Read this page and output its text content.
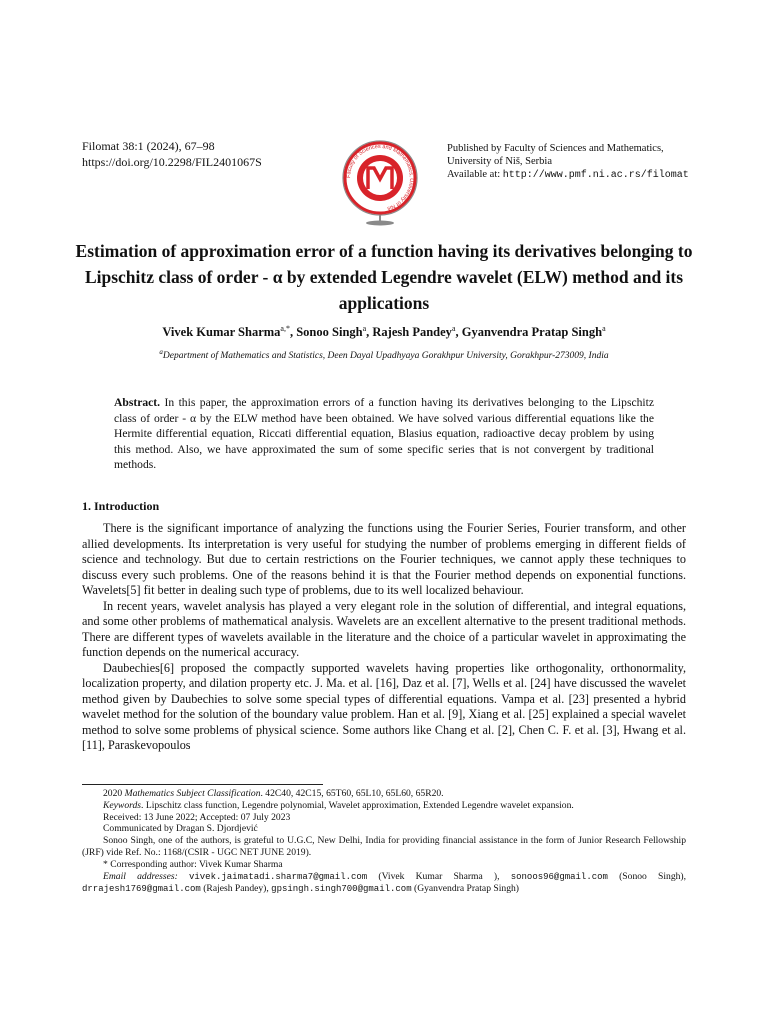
Filomat 38:1 (2024), 67–98
https://doi.org/10.2298/FIL2401067S
Faculty of Sciences and Mathematics, University of Niš
Published by Faculty of Sciences and Mathematics,
University of Niš, Serbia
Available at: http://www.pmf.ni.ac.rs/filomat
Estimation of approximation error of a function having its derivatives belonging to Lipschitz class of order - α by extended Legendre wavelet (ELW) method and its applications
Vivek Kumar Sharma$^{a,*}$, Sonoo Singh$^a$, Rajesh Pandey$^a$, Gyanvendra Pratap Singh$^a$
$^a$Department of Mathematics and Statistics, Deen Dayal Upadhyaya Gorakhpur University, Gorakhpur-273009, India
Abstract. In this paper, the approximation errors of a function having its derivatives belonging to the Lipschitz class of order - α by the ELW method have been obtained. We have solved various differential equations like the Hermite differential equation, Riccati differential equation, Blasius equation, radioactive decay problem by using this method. Also, we have approximated the sum of some specific series that is not convergent by traditional methods.
1. Introduction

There is the significant importance of analyzing the functions using the Fourier Series, Fourier transform, and other allied developments. Its interpretation is very useful for studying the number of problems emerging in different fields of science and technology. But due to certain restrictions on the Fourier techniques, we cannot apply these techniques to discuss every such problems. One of the reasons behind it is that the Fourier method depends on exponential functions. Wavelets[5] fit better in dealing such type of problems, due to its well localized behaviour.

In recent years, wavelet analysis has played a very elegant role in the solution of differential, and integral equations, and some other problems of mathematical analysis. Wavelets are an excellent alternative to the present traditional methods. There are different types of wavelets available in the literature and the choice of a particular wavelet in approximating the function depends on the numerical accuracy.

Daubechies[6] proposed the compactly supported wavelets having properties like orthogonality, orthonormality, localization property, and dilation property etc. J. Ma. et al. [16], Daz et al. [7], Wells et al. [24] have discussed the wavelet method given by Daubechies to solve some special types of differential equations. Vampa et al. [23] presented a hybrid wavelet method for the solution of the boundary value problem. Han et al. [9], Xiang et al. [25] explained a special wavelet method to solve some problems of physical science. Some authors like Chang et al. [2], Chen C. F. et al. [3], Hwang et al. [11], Paraskevopoulos

2020 Mathematics Subject Classification. 42C40, 42C15, 65T60, 65L10, 65L60, 65R20.
Keywords. Lipschitz class function, Legendre polynomial, Wavelet approximation, Extended Legendre wavelet expansion.
Received: 13 June 2022; Accepted: 07 July 2023
Communicated by Dragan S. Djordjević
Sonoo Singh, one of the authors, is grateful to U.G.C, New Delhi, India for providing financial assistance in the form of Junior Research Fellowship (JRF) vide Ref. No.: 1168/(CSIR - UGC NET JUNE 2019).
* Corresponding author: Vivek Kumar Sharma
Email addresses: vivek.jaimatadi.sharma7@gmail.com (Vivek Kumar Sharma ), sonoos96@gmail.com (Sonoo Singh), drrajesh1769@gmail.com (Rajesh Pandey), gpsingh.singh700@gmail.com (Gyanvendra Pratap Singh)
